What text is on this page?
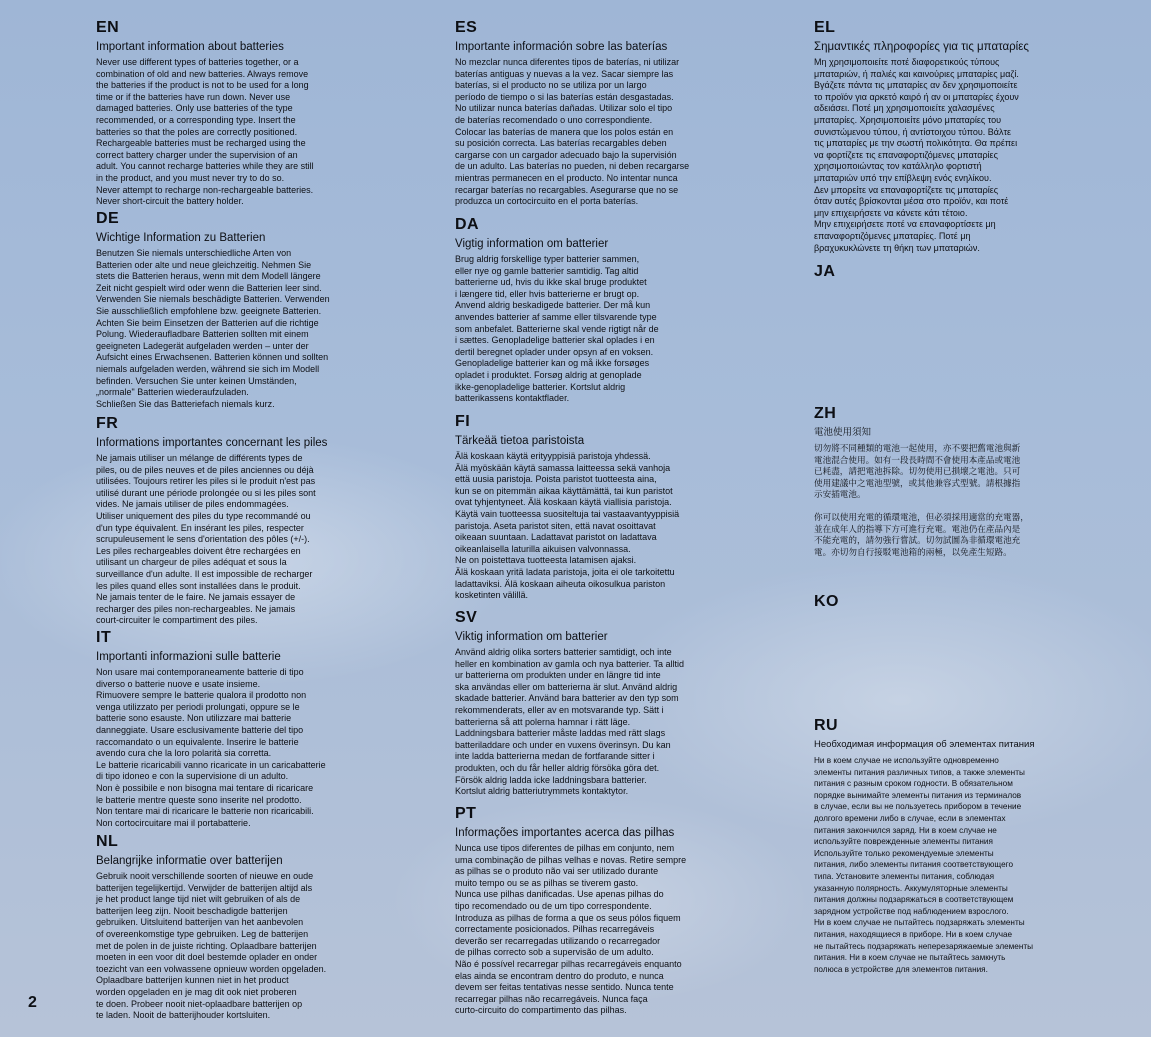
EN

Important information about batteries

Never use different types of batteries together, or a
combination of old and new batteries. Always remove
the batteries if the product is not to be used for a long
time or if the batteries have run down. Never use
damaged batteries. Only use batteries of the type
recommended, or a corresponding type. Insert the
batteries so that the poles are correctly positioned.
Rechargeable batteries must be recharged using the
correct battery charger under the supervision of an
adult. You cannot recharge batteries while they are still
in the product, and you must never try to do so.
Never attempt to recharge non-rechargeable batteries.
Never short-circuit the battery holder.

DE

Wichtige Information zu Batterien

Benutzen Sie niemals unterschiedliche Arten von
Batterien oder alte und neue gleichzeitig. Nehmen Sie
stets die Batterien heraus, wenn mit dem Modell längere
Zeit nicht gespielt wird oder wenn die Batterien leer sind.
Verwenden Sie niemals beschädigte Batterien. Verwenden
Sie ausschließlich empfohlene bzw. geeignete Batterien.
Achten Sie beim Einsetzen der Batterien auf die richtige
Polung. Wiederaufladbare Batterien sollten mit einem
geeigneten Ladegerät aufgeladen werden – unter der
Aufsicht eines Erwachsenen. Batterien können und sollten
niemals aufgeladen werden, während sie sich im Modell
befinden. Versuchen Sie unter keinen Umständen,
„normale" Batterien wiederaufzuladen.
Schließen Sie das Batteriefach niemals kurz.

FR

Informations importantes concernant les piles

Ne jamais utiliser un mélange de différents types de
piles, ou de piles neuves et de piles anciennes ou déjà
utilisées. Toujours retirer les piles si le produit n'est pas
utilisé durant une période prolongée ou si les piles sont
vides. Ne jamais utiliser de piles endommagées.
Utiliser uniquement des piles du type recommandé ou
d'un type équivalent. En insérant les piles, respecter
scrupuleusement le sens d'orientation des pôles (+/-).
Les piles rechargeables doivent être rechargées en
utilisant un chargeur de piles adéquat et sous la
surveillance d'un adulte. Il est impossible de recharger
les piles quand elles sont installées dans le produit.
Ne jamais tenter de le faire. Ne jamais essayer de
recharger des piles non-rechargeables. Ne jamais
court-circuiter le compartiment des piles.

IT

Importanti informazioni sulle batterie

Non usare mai contemporaneamente batterie di tipo
diverso o batterie nuove e usate insieme.
Rimuovere sempre le batterie qualora il prodotto non
venga utilizzato per periodi prolungati, oppure se le
batterie sono esauste. Non utilizzare mai batterie
danneggiate. Usare esclusivamente batterie del tipo
raccomandato o un equivalente. Inserire le batterie
avendo cura che la loro polarità sia corretta.
Le batterie ricaricabili vanno ricaricate in un caricabatterie
di tipo idoneo e con la supervisione di un adulto.
Non è possibile e non bisogna mai tentare di ricaricare
le batterie mentre queste sono inserite nel prodotto.
Non tentare mai di ricaricare le batterie non ricaricabili.
Non cortocircuitare mai il portabatterie.

NL

Belangrijke informatie over batterijen

Gebruik nooit verschillende soorten of nieuwe en oude
batterijen tegelijkertijd. Verwijder de batterijen altijd als
je het product lange tijd niet wilt gebruiken of als de
batterijen leeg zijn. Nooit beschadigde batterijen
gebruiken. Uitsluitend batterijen van het aanbevolen
of overeenkomstige type gebruiken. Leg de batterijen
met de polen in de juiste richting. Oplaadbare batterijen
moeten in een voor dit doel bestemde oplader en onder
toezicht van een volwassene opnieuw worden opgeladen.
Oplaadbare batterijen kunnen niet in het product
worden opgeladen en je mag dit ook niet proberen
te doen. Probeer nooit niet-oplaadbare batterijen op
te laden. Nooit de batterijhouder kortsluiten.

ES

Importante información sobre las baterías

No mezclar nunca diferentes tipos de baterías, ni utilizar
baterías antiguas y nuevas a la vez. Sacar siempre las
baterías, si el producto no se utiliza por un largo
período de tiempo o si las baterías están desgastadas.
No utilizar nunca baterías dañadas. Utilizar solo el tipo
de baterías recomendado o uno correspondiente.
Colocar las baterías de manera que los polos están en
su posición correcta. Las baterías recargables deben
cargarse con un cargador adecuado bajo la supervisión
de un adulto. Las baterías no pueden, ni deben recargarse
mientras permanecen en el producto. No intentar nunca
recargar baterías no recargables. Asegurarse que no se
produzca un cortocircuito en el porta baterías.

DA

Vigtig information om batterier

Brug aldrig forskellige typer batterier sammen,
eller nye og gamle batterier samtidig. Tag altid
batterierne ud, hvis du ikke skal bruge produktet
i længere tid, eller hvis batterierne er brugt op.
Anvend aldrig beskadigede batterier. Der må kun
anvendes batterier af samme eller tilsvarende type
som anbefalet. Batterierne skal vende rigtigt når de
i sættes. Genopladelige batterier skal oplades i en
dertil beregnet oplader under opsyn af en voksen.
Genopladelige batterier kan og må ikke forsøges
opladet i produktet. Forsøg aldrig at genoplade
ikke-genopladelige batterier. Kortslut aldrig
batterikassens kontaktflader.

FI

Tärkeää tietoa paristoista

Älä koskaan käytä erityyppisiä paristoja yhdessä.
Älä myöskään käytä samassa laitteessa sekä vanhoja
että uusia paristoja. Poista paristot tuotteesta aina,
kun se on pitemmän aikaa käyttämättä, tai kun paristot
ovat tyhjentyneet. Älä koskaan käytä viallisia paristoja.
Käytä vain tuotteessa suositeltuja tai vastaavantyyppisiä
paristoja. Aseta paristot siten, että navat osoittavat
oikeaan suuntaan. Ladattavat paristot on ladattava
oikeanlaisella laturilla aikuisen valvonnassa.
Ne on poistettava tuotteesta latamisen ajaksi.
Älä koskaan yritä ladata paristoja, joita ei ole tarkoitettu
ladattaviksi. Älä koskaan aiheuta oikosulkua pariston
kosketinten välillä.

SV

Viktig information om batterier

Använd aldrig olika sorters batterier samtidigt, och inte
heller en kombination av gamla och nya batterier. Ta alltid
ur batterierna om produkten under en längre tid inte
ska användas eller om batterierna är slut. Använd aldrig
skadade batterier. Använd bara batterier av den typ som
rekommenderats, eller av en motsvarande typ. Sätt i
batterierna så att polerna hamnar i rätt läge.
Laddningsbara batterier måste laddas med rätt slags
batteriladdare och under en vuxens överinsyn. Du kan
inte ladda batterierna medan de fortfarande sitter i
produkten, och du får heller aldrig försöka göra det.
Försök aldrig ladda icke laddningsbara batterier.
Kortslut aldrig batteriutrymmets kontaktytor.

PT

Informações importantes acerca das pilhas

Nunca use tipos diferentes de pilhas em conjunto, nem
uma combinação de pilhas velhas e novas. Retire sempre
as pilhas se o produto não vai ser utilizado durante
muito tempo ou se as pilhas se tiverem gasto.
Nunca use pilhas danificadas. Use apenas pilhas do
tipo recomendado ou de um tipo correspondente.
Introduza as pilhas de forma a que os seus pólos fiquem
correctamente posicionados. Pilhas recarregáveis
deverão ser recarregadas utilizando o recarregador
de pilhas correcto sob a supervisão de um adulto.
Não é possível recarregar pilhas recarregáveis enquanto
elas ainda se encontram dentro do produto, e nunca
devem ser feitas tentativas nesse sentido. Nunca tente
recarregar pilhas não recarregáveis. Nunca faça
curto-circuito do compartimento das pilhas.

EL

Σημαντικές πληροφορίες για τις μπαταρίες

Μη χρησιμοποιείτε ποτέ διαφορετικούς τύπους
μπαταριών, ή παλιές και καινούριες μπαταρίες μαζί.
Βγάζετε πάντα τις μπαταρίες αν δεν χρησιμοποιείτε
το προϊόν για αρκετό καιρό ή αν οι μπαταρίες έχουν
αδειάσει. Ποτέ μη χρησιμοποιείτε χαλασμένες
μπαταρίες. Χρησιμοποιείτε μόνο μπαταρίες του
συνιστώμενου τύπου, ή αντίστοιχου τύπου. Βάλτε
τις μπαταρίες με την σωστή πολικότητα. Θα πρέπει
να φορτίζετε τις επαναφορτιζόμενες μπαταρίες
χρησιμοποιώντας τον κατάλληλο φορτιστή
μπαταριών υπό την επίβλεψη ενός ενηλίκου.
Δεν μπορείτε να επαναφορτίζετε τις μπαταρίες
όταν αυτές βρίσκονται μέσα στο προϊόν, και ποτέ
μην επιχειρήσετε να κάνετε κάτι τέτοιο.
Μην επιχειρήσετε ποτέ να επαναφορτίσετε μη
επαναφορτιζόμενες μπαταρίες. Ποτέ μη
βραχυκυκλώνετε τη θήκη των μπαταριών.

JA

ZH

電池使用須知

切勿將不同種類的電池一起使用，亦不要把舊電池與新
電池混合使用。如有一段長時間不會使用本產品或電池
已耗盡，請把電池拆除。切勿使用已損壞之電池。只可
使用建議中之電池型號，或其他兼容式型號。請根據指
示安插電池。

你可以使用充電的循環電池，但必須採用適當的充電器，
並在成年人的指導下方可進行充電。電池仍在產品內是
不能充電的，請勿強行嘗試。切勿試圖為非循環電池充
電。亦切勿自行接駁電池箱的兩極，以免產生短路。

KO

RU

Необходимая информация об элементах питания

Ни в коем случае не используйте одновременно
элементы питания различных типов, а также элементы
питания с разным сроком годности. В обязательном
порядке вынимайте элементы питания из терминалов
в случае, если вы не пользуетесь прибором в течение
долгого времени либо в случае, если в элементах
питания закончился заряд. Ни в коем случае не
используйте поврежденные элементы питания
Используйте только рекомендуемые элементы
питания, либо элементы питания соответствующего
типа. Установите элементы питания, соблюдая
указанную полярность. Аккумуляторные элементы
питания должны подзаряжаться в соответствующем
зарядном устройстве под наблюдением взрослого.
Ни в коем случае не пытайтесь подзаряжать элементы
питания, находящиеся в приборе. Ни в коем случае
не пытайтесь подзаряжать неперезаряжаемые элементы
питания. Ни в коем случае не пытайтесь замкнуть
полюса в устройстве для элементов питания.

2
